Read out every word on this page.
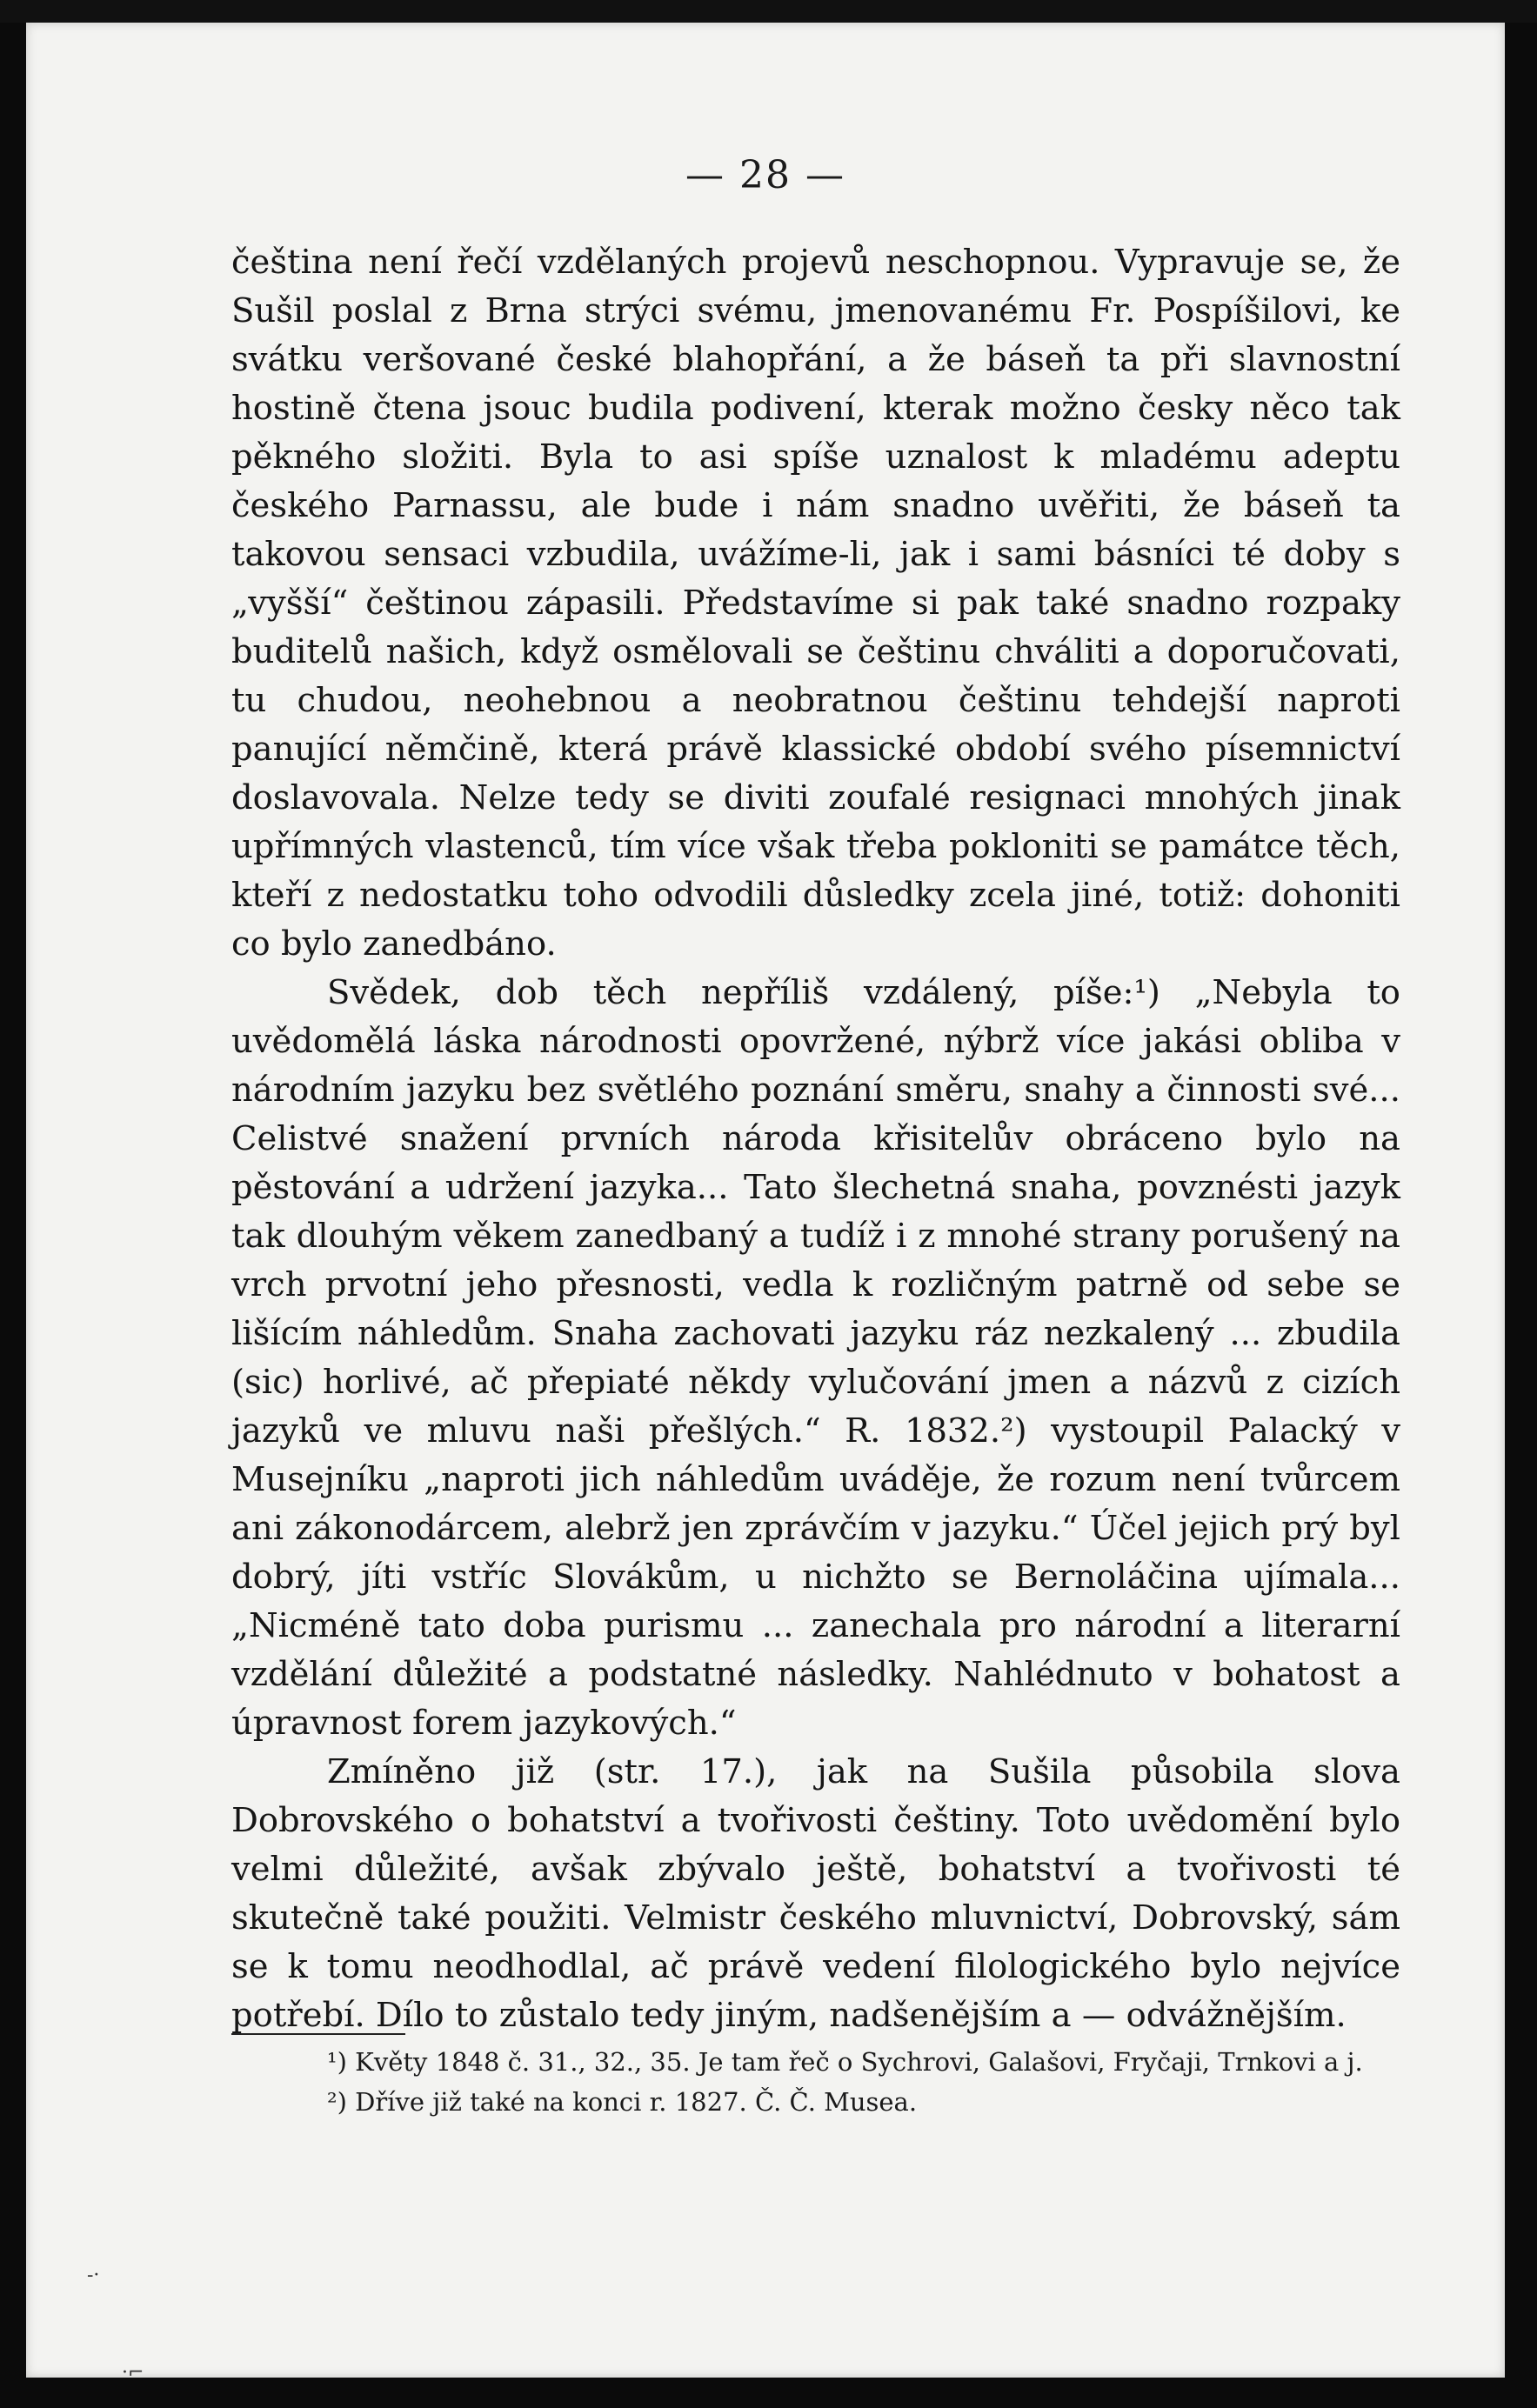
— 28 —

čeština není řečí vzdělaných projevů neschopnou. Vypravuje se, že Sušil poslal z Brna strýci svému, jmenovanému Fr. Pospíšilovi, ke svátku veršované české blahopřání, a že báseň ta při slavnostní hostině čtena jsouc budila podivení, kterak možno česky něco tak pěkného složiti. Byla to asi spíše uznalost k mladému adeptu českého Parnassu, ale bude i nám snadno uvěřiti, že báseň ta takovou sensaci vzbudila, uvážíme-li, jak i sami básníci té doby s „vyšší“ češtinou zápasili. Představíme si pak také snadno rozpaky buditelů našich, když osmělovali se češtinu chváliti a doporučovati, tu chudou, neohebnou a neobratnou češtinu tehdejší naproti panující němčině, která právě klassické období svého písemnictví doslavovala. Nelze tedy se diviti zoufalé resignaci mnohých jinak upřímných vlastenců, tím více však třeba pokloniti se památce těch, kteří z nedostatku toho odvodili důsledky zcela jiné, totiž: dohoniti co bylo zanedbáno.

Svědek, dob těch nepříliš vzdálený, píše:¹) „Nebyla to uvědomělá láska národnosti opovržené, nýbrž více jakási obliba v národním jazyku bez světlého poznání směru, snahy a činnosti své... Celistvé snažení prvních národa křisitelův obráceno bylo na pěstování a udržení jazyka... Tato šlechetná snaha, povznésti jazyk tak dlouhým věkem zanedbaný a tudíž i z mnohé strany porušený na vrch prvotní jeho přesnosti, vedla k rozličným patrně od sebe se lišícím náhledům. Snaha zachovati jazyku ráz nezkalený ... zbudila (sic) horlivé, ač přepiaté někdy vylučování jmen a názvů z cizích jazyků ve mluvu naši přešlých.“ R. 1832.²) vystoupil Palacký v Musejníku „naproti jich náhledům uváděje, že rozum není tvůrcem ani zákonodárcem, alebrž jen zprávčím v jazyku.“ Účel jejich prý byl dobrý, jíti vstříc Slovákům, u nichžto se Bernoláčina ujímala... „Nicméně tato doba purismu ... zanechala pro národní a literarní vzdělání důležité a podstatné následky. Nahlédnuto v bohatost a úpravnost forem jazykových.“

Zmíněno již (str. 17.), jak na Sušila působila slova Dobrovského o bohatství a tvořivosti češtiny. Toto uvědomění bylo velmi důležité, avšak zbývalo ještě, bohatství a tvořivosti té skutečně také použiti. Velmistr českého mluvnictví, Dobrovský, sám se k tomu neodhodlal, ač právě vedení filologického bylo nejvíce potřebí. Dílo to zůstalo tedy jiným, nadšenějším a — odvážnějším.

¹) Květy 1848 č. 31., 32., 35. Je tam řeč o Sychrovi, Galašovi, Fryčaji, Trnkovi a j.

²) Dříve již také na konci r. 1827. Č. Č. Musea.

-·
·⌐
